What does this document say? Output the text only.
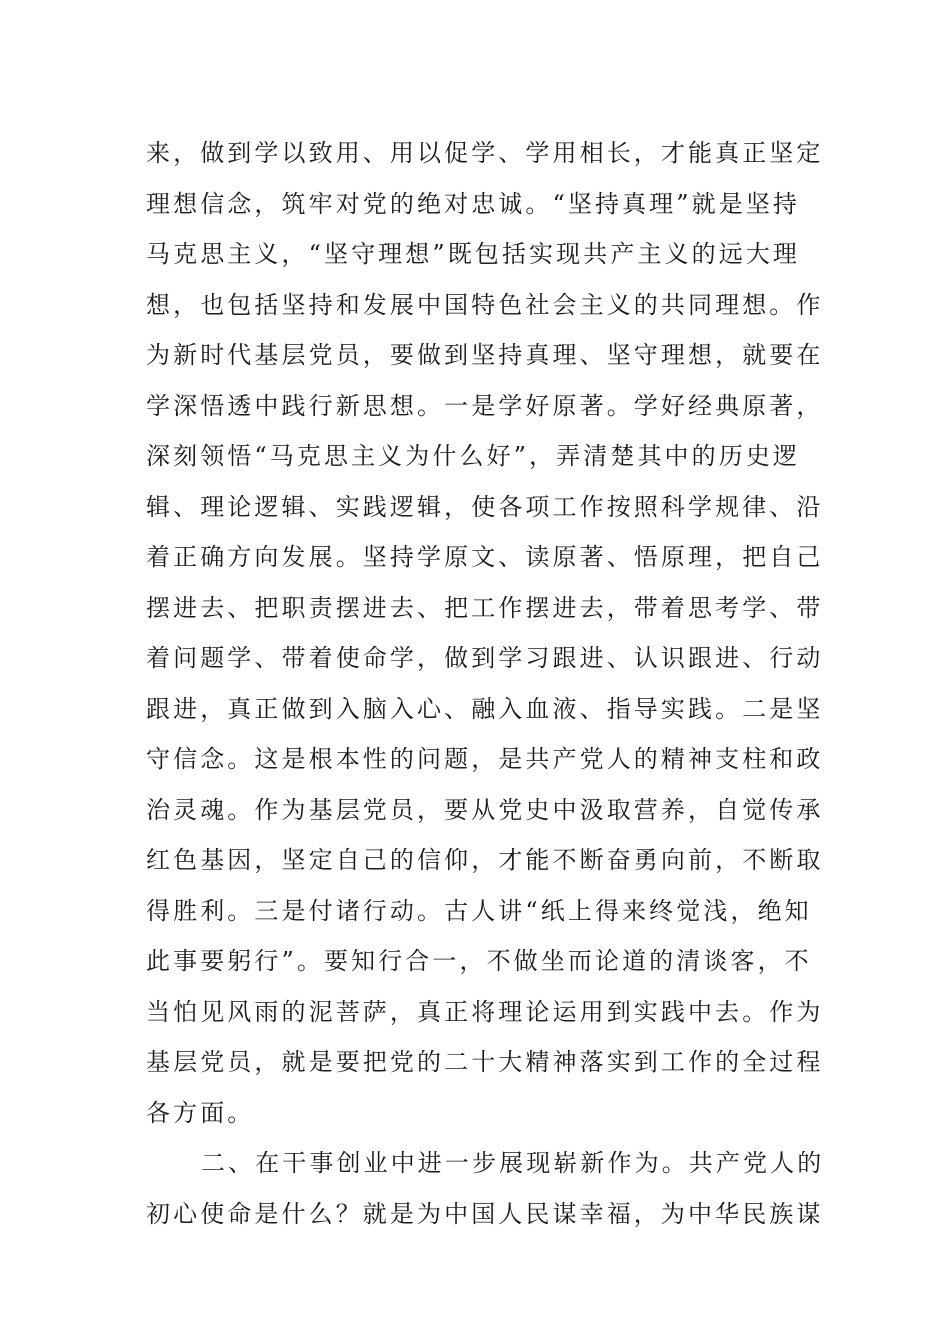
来，做到学以致用、用以促学、学用相长，才能真正坚定

理想信念，筑牢对党的绝对忠诚。“坚持真理”就是坚持

马克思主义，“坚守理想”既包括实现共产主义的远大理

想，也包括坚持和发展中国特色社会主义的共同理想。作

为新时代基层党员，要做到坚持真理、坚守理想，就要在

学深悟透中践行新思想。一是学好原著。学好经典原著，

深刻领悟“马克思主义为什么好”，弄清楚其中的历史逻

辑、理论逻辑、实践逻辑，使各项工作按照科学规律、沿

着正确方向发展。坚持学原文、读原著、悟原理，把自己

摆进去、把职责摆进去、把工作摆进去，带着思考学、带

着问题学、带着使命学，做到学习跟进、认识跟进、行动

跟进，真正做到入脑入心、融入血液、指导实践。二是坚

守信念。这是根本性的问题，是共产党人的精神支柱和政

治灵魂。作为基层党员，要从党史中汲取营养，自觉传承

红色基因，坚定自己的信仰，才能不断奋勇向前，不断取

得胜利。三是付诸行动。古人讲“纸上得来终觉浅，绝知

此事要躬行”。要知行合一，不做坐而论道的清谈客，不

当怕见风雨的泥菩萨，真正将理论运用到实践中去。作为

基层党员，就是要把党的二十大精神落实到工作的全过程

各方面。

二、在干事创业中进一步展现崭新作为。共产党人的

初心使命是什么？就是为中国人民谋幸福，为中华民族谋
